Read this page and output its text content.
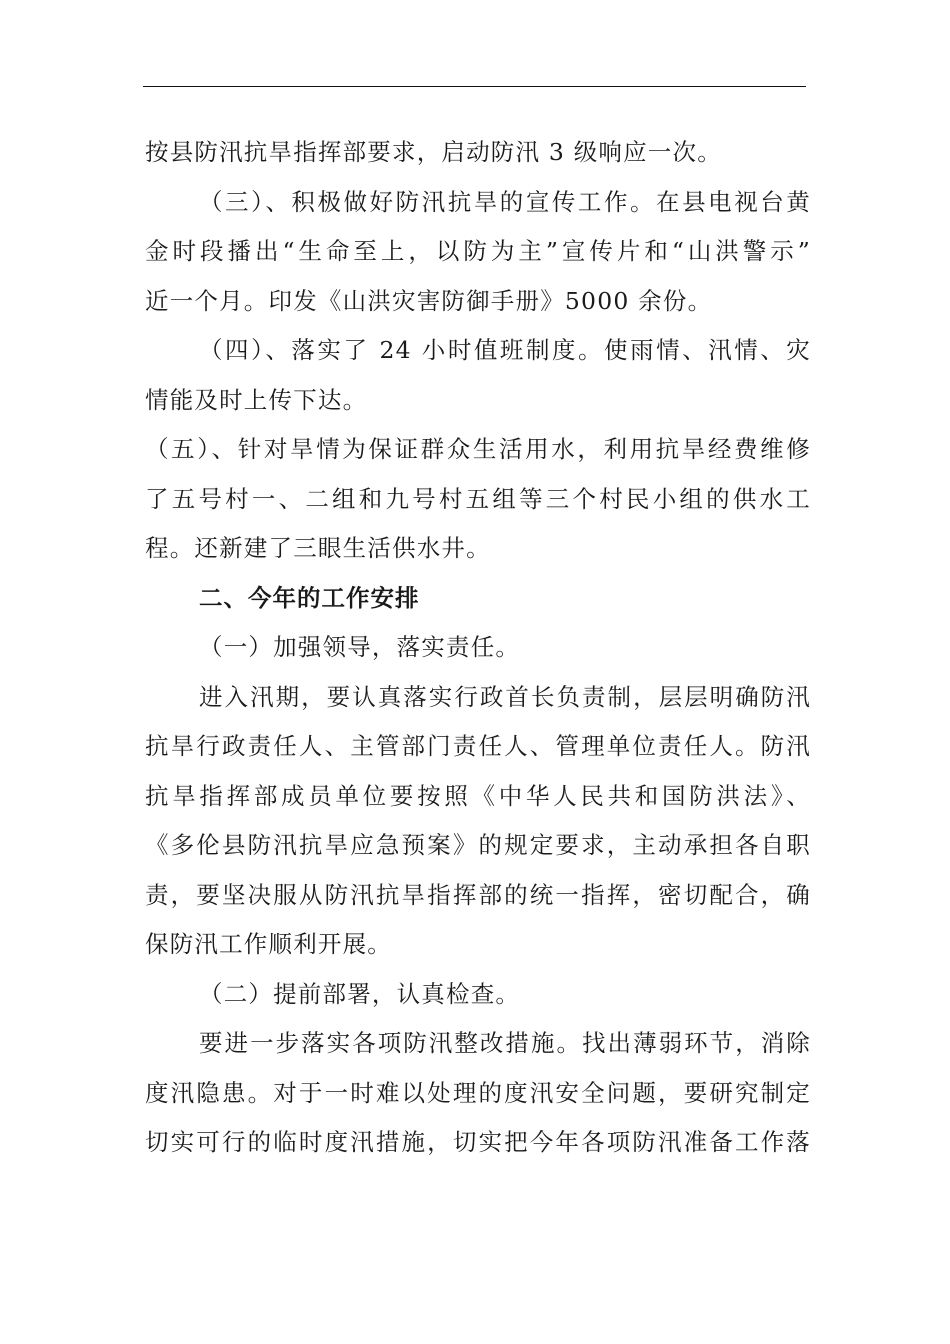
按县防汛抗旱指挥部要求，启动防汛 3 级响应一次。
（三）、积极做好防汛抗旱的宣传工作。在县电视台黄
金时段播出“生命至上，以防为主”宣传片和“山洪警示”
近一个月。印发《山洪灾害防御手册》5000 余份。
（四）、落实了 24 小时值班制度。使雨情、汛情、灾
情能及时上传下达。
（五）、针对旱情为保证群众生活用水，利用抗旱经费维修
了五号村一、二组和九号村五组等三个村民小组的供水工
程。还新建了三眼生活供水井。
二、今年的工作安排
（一）加强领导，落实责任。
进入汛期，要认真落实行政首长负责制，层层明确防汛
抗旱行政责任人、主管部门责任人、管理单位责任人。防汛
抗旱指挥部成员单位要按照《中华人民共和国防洪法》、
《多伦县防汛抗旱应急预案》的规定要求，主动承担各自职
责，要坚决服从防汛抗旱指挥部的统一指挥，密切配合，确
保防汛工作顺利开展。
（二）提前部署，认真检查。
要进一步落实各项防汛整改措施。找出薄弱环节，消除
度汛隐患。对于一时难以处理的度汛安全问题，要研究制定
切实可行的临时度汛措施，切实把今年各项防汛准备工作落
